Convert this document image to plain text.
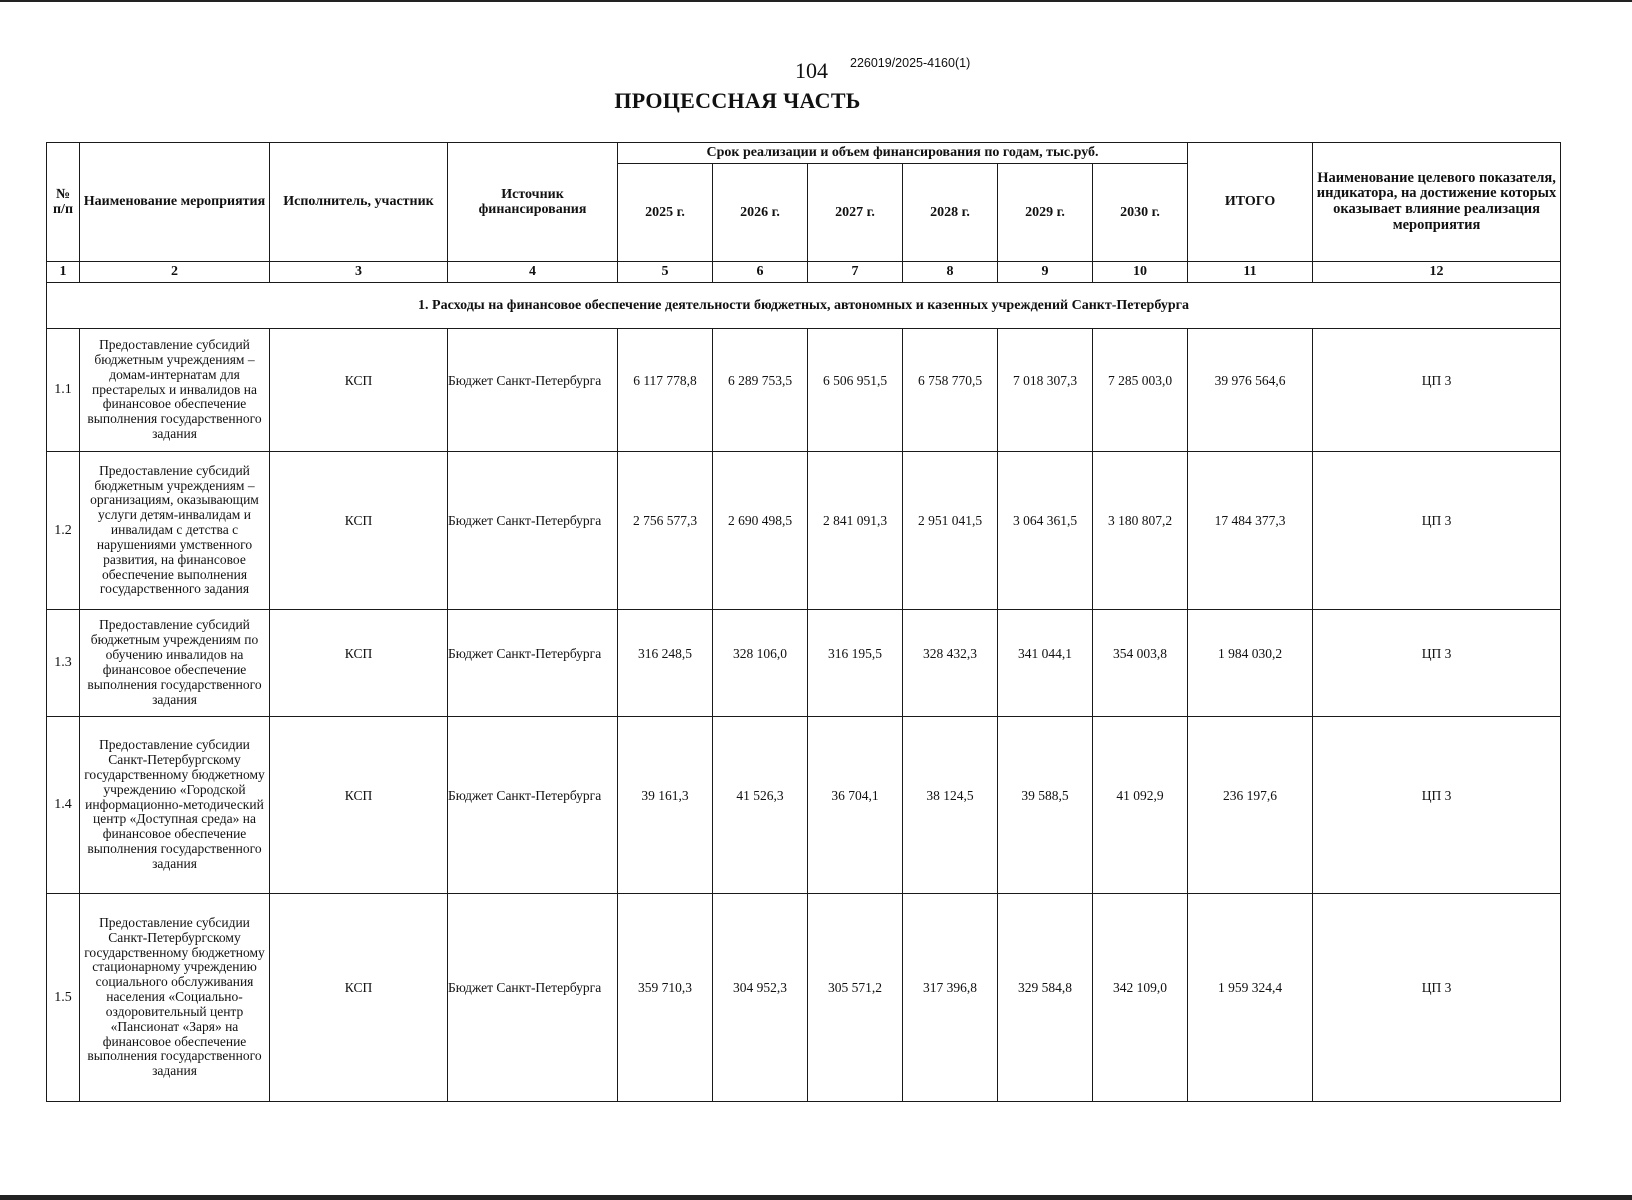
104 226019/2025-4160(1)
ПРОЦЕССНАЯ ЧАСТЬ
№ п/п	Наименование мероприятия	Исполнитель, участник	Источник финансирования	Срок реализации и объем финансирования по годам, тыс.руб.						ИТОГО	Наименование целевого показателя, индикатора, на достижение которых оказывает влияние реализация мероприятия
				2025 г.	2026 г.	2027 г.	2028 г.	2029 г.	2030 г.		
1	2	3	4	5	6	7	8	9	10	11	12
1. Расходы на финансовое обеспечение деятельности бюджетных, автономных и казенных учреждений Санкт-Петербурга											
1.1	Предоставление субсидий бюджетным учреждениям – домам-интернатам для престарелых и инвалидов на финансовое обеспечение выполнения государственного задания	КСП	Бюджет Санкт-Петербурга	6 117 778,8	6 289 753,5	6 506 951,5	6 758 770,5	7 018 307,3	7 285 003,0	39 976 564,6	ЦП 3
1.2	Предоставление субсидий бюджетным учреждениям – организациям, оказывающим услуги детям-инвалидам и инвалидам с детства с нарушениями умственного развития, на финансовое обеспечение выполнения государственного задания	КСП	Бюджет Санкт-Петербурга	2 756 577,3	2 690 498,5	2 841 091,3	2 951 041,5	3 064 361,5	3 180 807,2	17 484 377,3	ЦП 3
1.3	Предоставление субсидий бюджетным учреждениям по обучению инвалидов на финансовое обеспечение выполнения государственного задания	КСП	Бюджет Санкт-Петербурга	316 248,5	328 106,0	316 195,5	328 432,3	341 044,1	354 003,8	1 984 030,2	ЦП 3
1.4	Предоставление субсидии Санкт-Петербургскому государственному бюджетному учреждению «Городской информационно-методический центр «Доступная среда» на финансовое обеспечение выполнения государственного задания	КСП	Бюджет Санкт-Петербурга	39 161,3	41 526,3	36 704,1	38 124,5	39 588,5	41 092,9	236 197,6	ЦП 3
1.5	Предоставление субсидии Санкт-Петербургскому государственному бюджетному стационарному учреждению социального обслуживания населения «Социально-оздоровительный центр «Пансионат «Заря» на финансовое обеспечение выполнения государственного задания	КСП	Бюджет Санкт-Петербурга	359 710,3	304 952,3	305 571,2	317 396,8	329 584,8	342 109,0	1 959 324,4	ЦП 3
